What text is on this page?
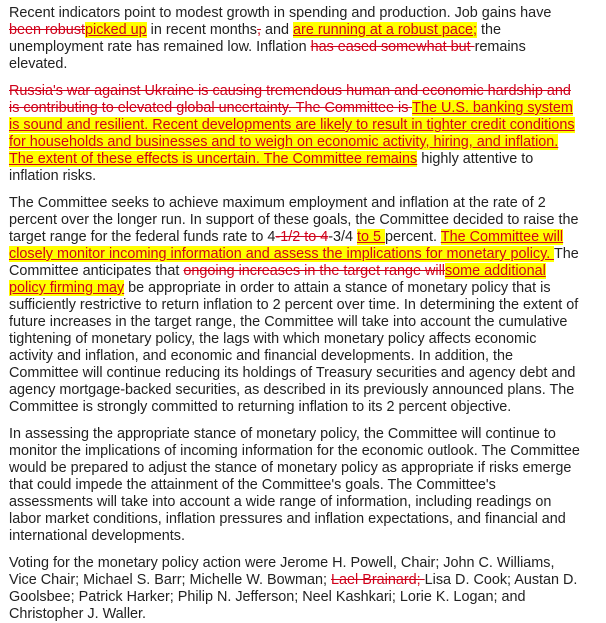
Recent indicators point to modest growth in spending and production. Job gains have been robustpicked up in recent months, and are running at a robust pace; the unemployment rate has remained low. Inflation has eased somewhat but remains elevated.

Russia's war against Ukraine is causing tremendous human and economic hardship and is contributing to elevated global uncertainty. The Committee is The U.S. banking system is sound and resilient. Recent developments are likely to result in tighter credit conditions for households and businesses and to weigh on economic activity, hiring, and inflation. The extent of these effects is uncertain. The Committee remains highly attentive to inflation risks.

The Committee seeks to achieve maximum employment and inflation at the rate of 2 percent over the longer run. In support of these goals, the Committee decided to raise the target range for the federal funds rate to 4-1/2 to 4-3/4 to 5 percent. The Committee will closely monitor incoming information and assess the implications for monetary policy. The Committee anticipates that ongoing increases in the target range willsome additional policy firming may be appropriate in order to attain a stance of monetary policy that is sufficiently restrictive to return inflation to 2 percent over time. In determining the extent of future increases in the target range, the Committee will take into account the cumulative tightening of monetary policy, the lags with which monetary policy affects economic activity and inflation, and economic and financial developments. In addition, the Committee will continue reducing its holdings of Treasury securities and agency debt and agency mortgage-backed securities, as described in its previously announced plans. The Committee is strongly committed to returning inflation to its 2 percent objective.

In assessing the appropriate stance of monetary policy, the Committee will continue to monitor the implications of incoming information for the economic outlook. The Committee would be prepared to adjust the stance of monetary policy as appropriate if risks emerge that could impede the attainment of the Committee's goals. The Committee's assessments will take into account a wide range of information, including readings on labor market conditions, inflation pressures and inflation expectations, and financial and international developments.

Voting for the monetary policy action were Jerome H. Powell, Chair; John C. Williams, Vice Chair; Michael S. Barr; Michelle W. Bowman; Lael Brainard; Lisa D. Cook; Austan D. Goolsbee; Patrick Harker; Philip N. Jefferson; Neel Kashkari; Lorie K. Logan; and Christopher J. Waller.
